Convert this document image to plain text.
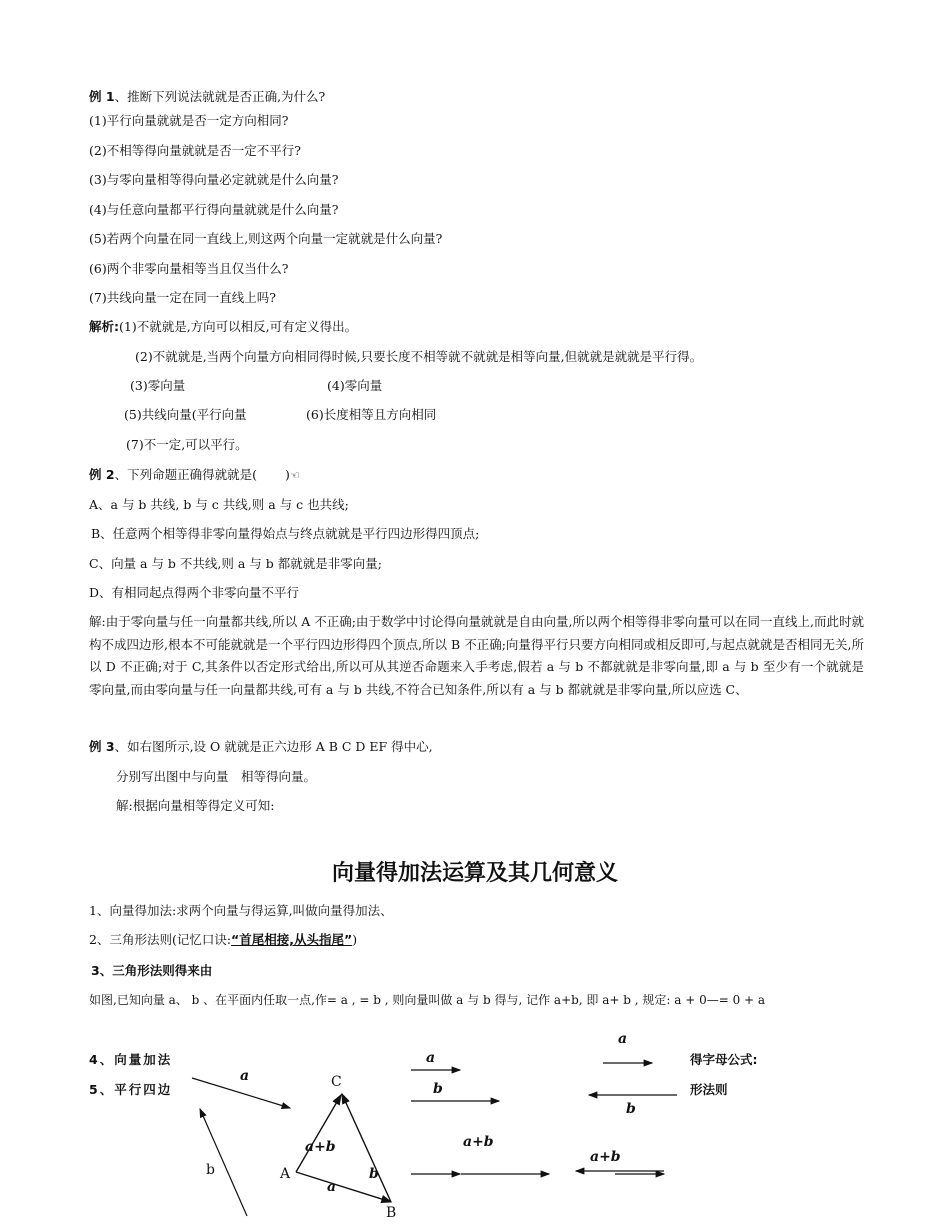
例 1、推断下列说法就就是否正确,为什么?
(1)平行向量就就是否一定方向相同?
(2)不相等得向量就就是否一定不平行?
(3)与零向量相等得向量必定就就是什么向量?
(4)与任意向量都平行得向量就就是什么向量?
(5)若两个向量在同一直线上,则这两个向量一定就就是什么向量?
(6)两个非零向量相等当且仅当什么?
(7)共线向量一定在同一直线上吗?
解析:(1)不就就是,方向可以相反,可有定义得出。
(2)不就就是,当两个向量方向相同得时候,只要长度不相等就不就就是相等向量,但就就是就就是平行得。
(3)零向量	(4)零向量
(5)共线向量(平行向量	(6)长度相等且方向相同
(7)不一定,可以平行。
例 2、下列命题正确得就就是( )☜
A、a 与 b 共线, b 与 c 共线,则 a 与 c 也共线;
B、任意两个相等得非零向量得始点与终点就就是平行四边形得四顶点;
C、向量 a 与 b 不共线,则 a 与 b 都就就是非零向量;
D、有相同起点得两个非零向量不平行
解:由于零向量与任一向量都共线,所以 A 不正确;由于数学中讨论得向量就就是自由向量,所以两个相等得非零向量可以在同一直线上,而此时就构不成四边形,根本不可能就就是一个平行四边形得四个顶点,所以 B 不正确;向量得平行只要方向相同或相反即可,与起点就就是否相同无关,所以 D 不正确;对于 C,其条件以否定形式给出,所以可从其逆否命题来入手考虑,假若 a 与 b 不都就就是非零向量,即 a 与 b 至少有一个就就是零向量,而由零向量与任一向量都共线,可有 a 与 b 共线,不符合已知条件,所以有 a 与 b 都就就是非零向量,所以应选 C、
例 3、如右图所示,设 O 就就是正六边形 A B C D EF 得中心,
分别写出图中与向量　相等得向量。
解:根据向量相等得定义可知:
向量得加法运算及其几何意义
1、向量得加法:求两个向量与得运算,叫做向量得加法、
2、三角形法则(记忆口诀:“首尾相接,从头指尾”)
3、三角形法则得来由
如图,已知向量 a、 b 、在平面内任取一点,作= a , = b , 则向量叫做 a 与 b 得与, 记作 a+b, 即 a+ b , 规定: a + 0—= 0 + a
4、向量加法
5、平行四边
得字母公式:
形法则
a
b
C
A
B
a+b
b
a
a
b
a+b
a
b
a+b
